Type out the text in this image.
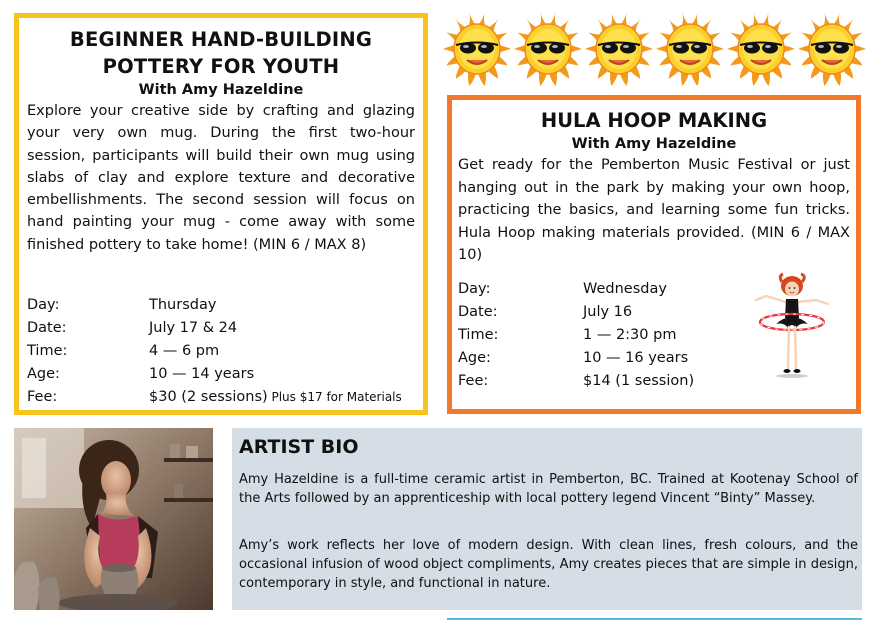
BEGINNER HAND-BUILDING
POTTERY FOR YOUTH
With Amy Hazeldine
Explore your creative side by crafting and glazing your very own mug. During the first two-hour session, participants will build their own mug using slabs of clay and explore texture and decorative embellishments. The second session will focus on hand painting your mug - come away with some finished pottery to take home! (MIN 6 / MAX 8)
Day:	Thursday
Date:	July 17 & 24
Time:	4 — 6 pm
Age:	10 — 14 years
Fee:	$30 (2 sessions) Plus $17 for Materials
HULA HOOP MAKING
With Amy Hazeldine
Get ready for the Pemberton Music Festival or just hanging out in the park by making your own hoop, practicing the basics, and learning some fun tricks. Hula Hoop making materials provided. (MIN 6 / MAX 10)
Day:	Wednesday
Date:	July 16
Time:	1 — 2:30 pm
Age:	10 — 16 years
Fee:	$14 (1 session)
ARTIST BIO
Amy Hazeldine is a full-time ceramic artist in Pemberton, BC. Trained at Kootenay School of the Arts followed by an apprenticeship with local pottery legend Vincent “Binty” Massey.
Amy’s work reflects her love of modern design. With clean lines, fresh colours, and the occasional infusion of wood object compliments, Amy creates pieces that are simple in design, contemporary in style, and functional in nature.
